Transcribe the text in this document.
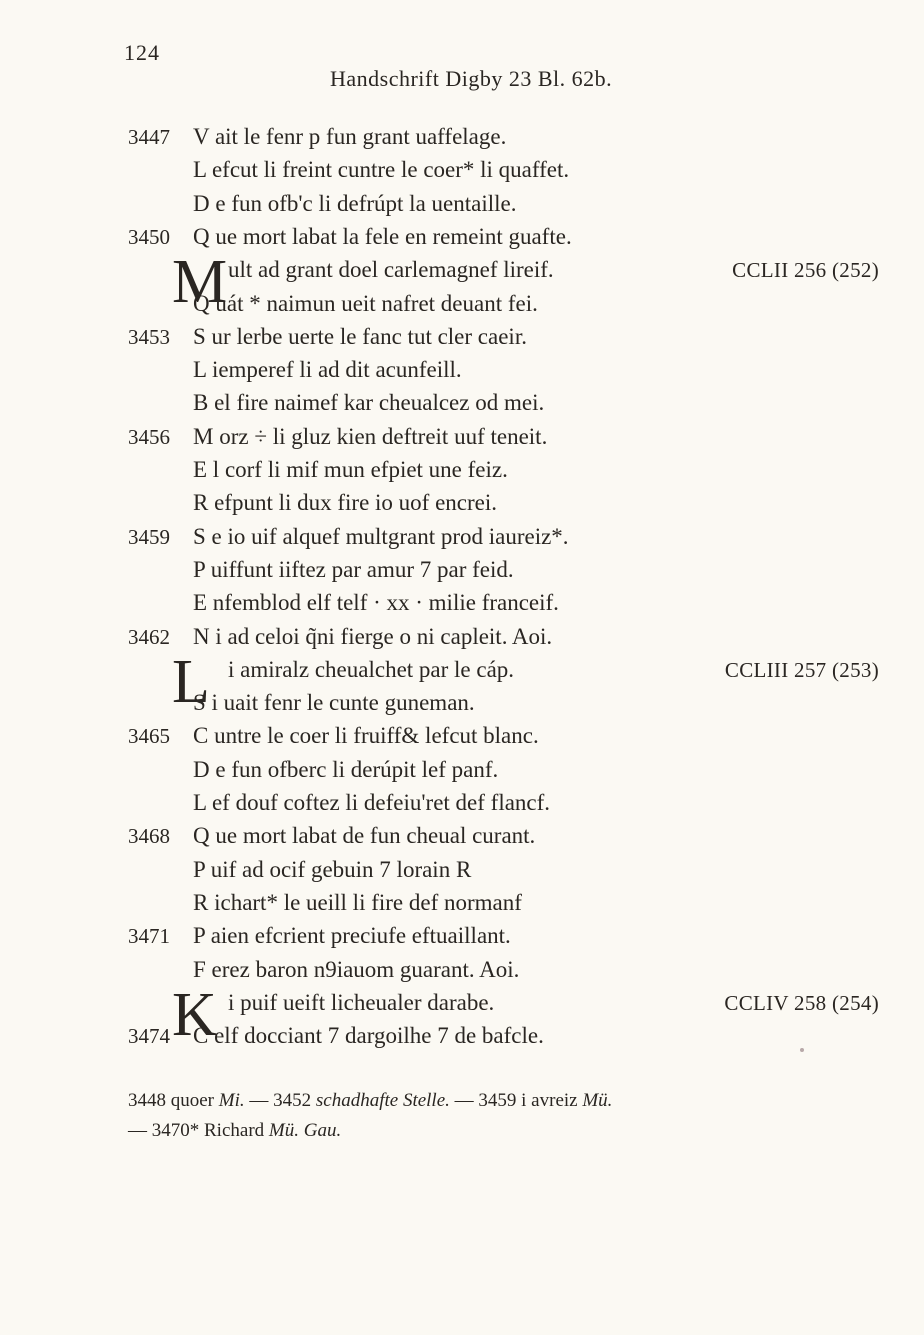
124
Handschrift Digby 23 Bl. 62b.
3447 V ait le fenr p fun grant uaffelage.
L efcut li freint cuntre le coer* li quaffet.
D e fun ofb'c li defrúpt la uentaille.
3450 Q ue mort labat la fele en remeint guafte.
ult ad grant doel carlemagnef lireif.	CCLII 256 (252)
M
Q uát * naimun ueit nafret deuant fei.
3453 S ur lerbe uerte le fanc tut cler caeir.
L iemperef li ad dit acunfeill.
B el fire naimef kar cheualcez od mei.
3456 M orz ÷ li gluz kien deftreit uuf teneit.
E l corf li mif mun efpiet une feiz.
R efpunt li dux fire io uof encrei.
3459 S e io uif alquef multgrant prod iaureiz*.
P uiffunt iiftez par amur 7 par feid.
E nfemblod elf telf · xx · milie franceif.
3462 N i ad celoi q̃ni fierge o ni capleit. Aoi.
i amiralz cheualchet par le cáp.	CCLIII 257 (253)
L
S i uait fenr le cunte guneman.
3465 C untre le coer li fruiff& lefcut blanc.
D e fun ofberc li derúpit lef panf.
L ef douf coftez li defeiu'ret def flancf.
3468 Q ue mort labat de fun cheual curant.
P uif ad ocif gebuin 7 lorain R
R ichart* le ueill li fire def normanf
3471 P aien efcrient preciufe eftuaillant.
F erez baron n9iauom guarant. Aoi.
i puif ueift licheualer darabe.	CCLIV 258 (254)
K
3474 C elf docciant 7 dargoilhe 7 de bafcle.
3448 quoer Mi. — 3452 schadhafte Stelle. — 3459 i avreiz Mü.
— 3470* Richard Mü. Gau.
